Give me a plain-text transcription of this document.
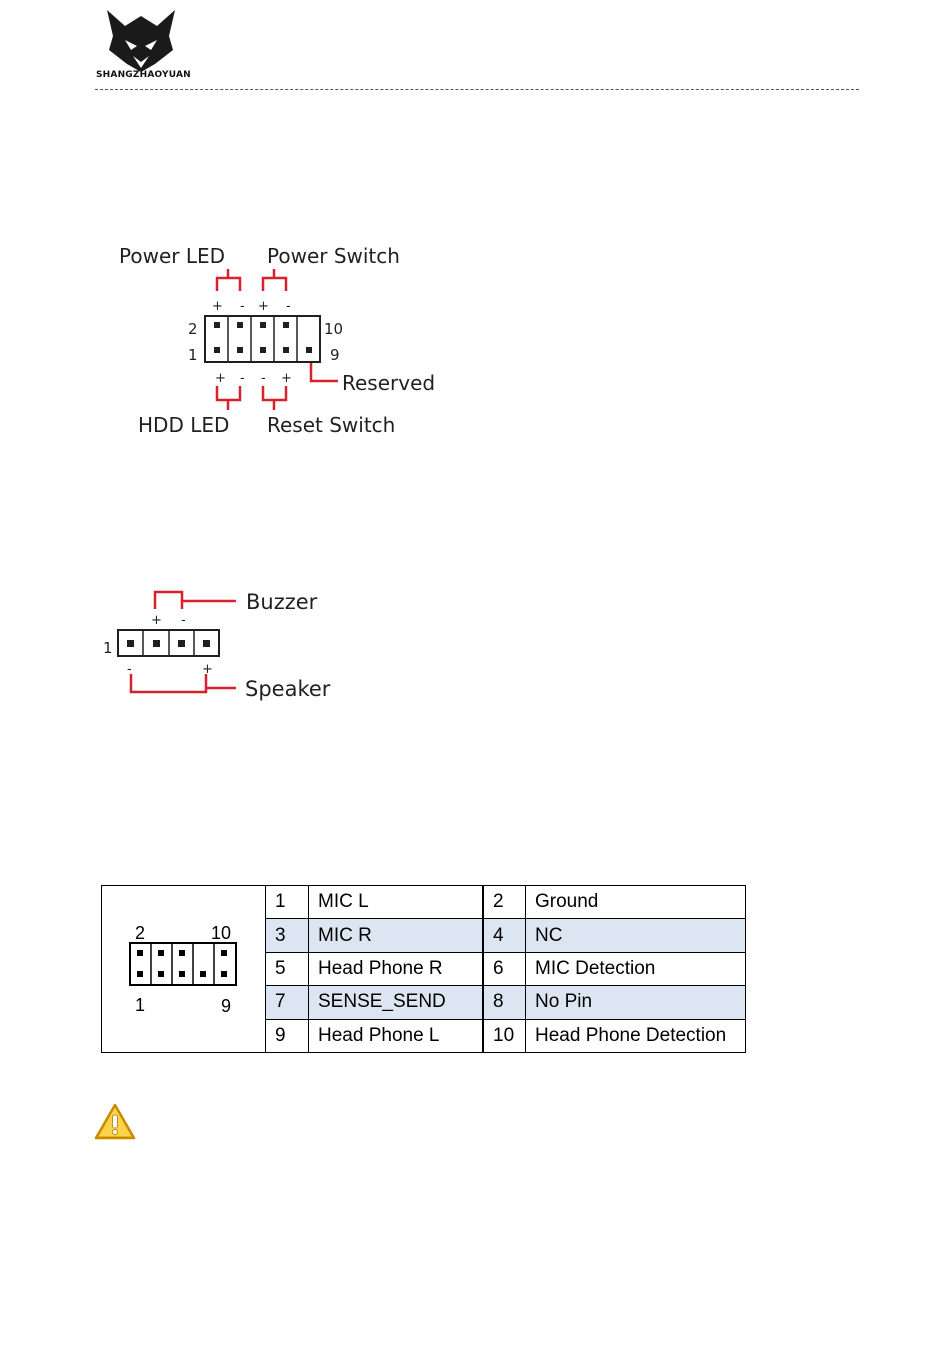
SHANGZHAOYUAN
+ - + -
+ - - +
2
1
10
9
Power LED Power Switch
Reserved
HDD LED Reset Switch
+ -
-	+
1
Buzzer
Speaker
2 10
1 9	1	MIC L	2	Ground
	3	MIC R	4	NC
	5	Head Phone R	6	MIC Detection
	7	SENSE_SEND	8	No Pin
	9	Head Phone L	10	Head Phone Detection
